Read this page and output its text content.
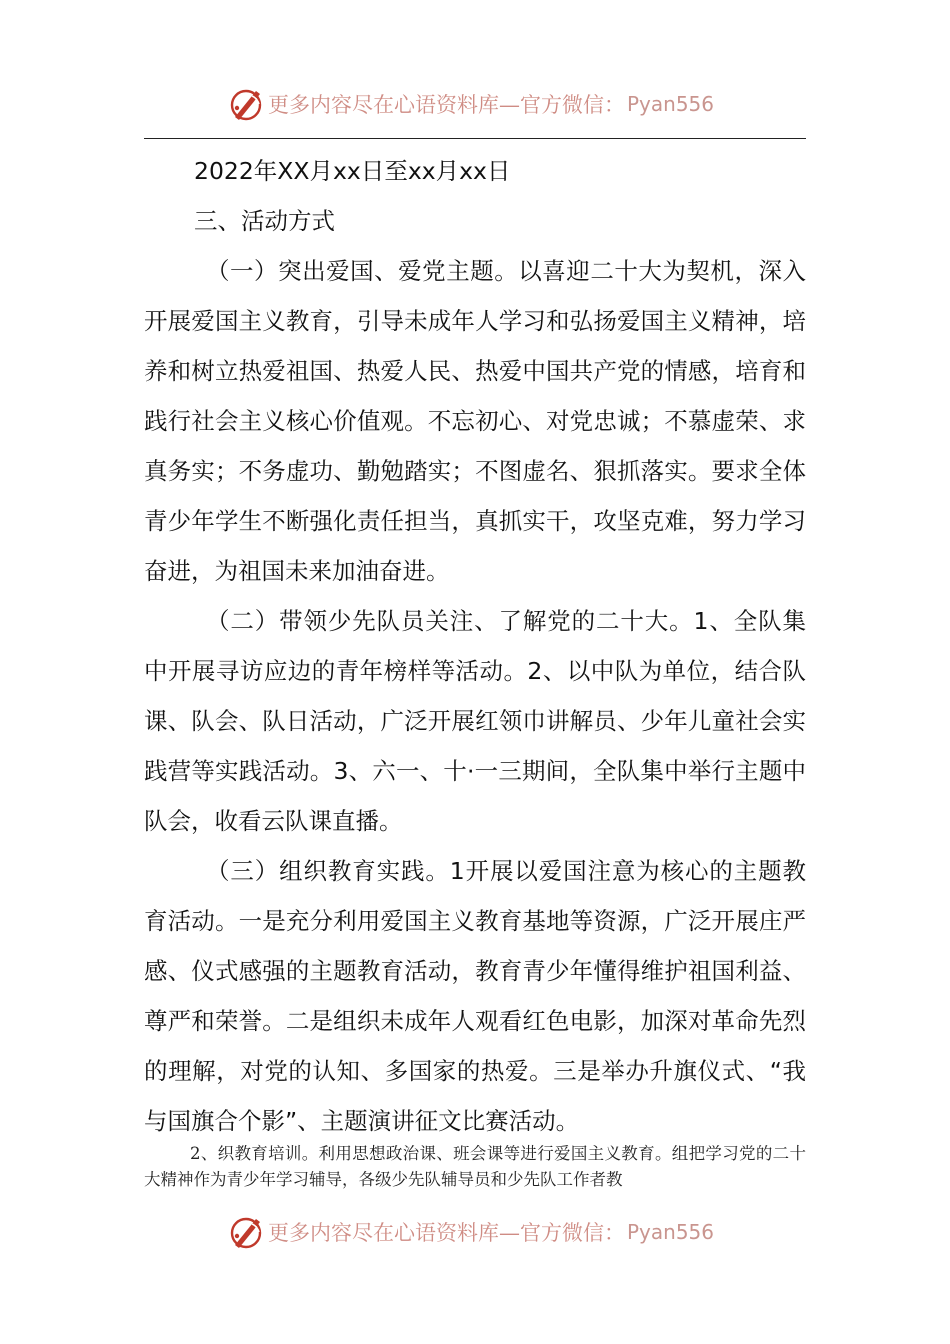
更多内容尽在心语资料库—官方微信： Pyan556

2022年XX月xx日至xx月xx日

三、活动方式

（一）突出爱国、爱党主题。以喜迎二十大为契机，深入开展爱国主义教育，引导未成年人学习和弘扬爱国主义精神，培养和树立热爱祖国、热爱人民、热爱中国共产党的情感，培育和践行社会主义核心价值观。不忘初心、对党忠诚；不慕虚荣、求真务实；不务虚功、勤勉踏实；不图虚名、狠抓落实。要求全体青少年学生不断强化责任担当，真抓实干，攻坚克难，努力学习奋进，为祖国未来加油奋进。

（二）带领少先队员关注、了解党的二十大。1、全队集中开展寻访应边的青年榜样等活动。2、以中队为单位，结合队课、队会、队日活动，广泛开展红领巾讲解员、少年儿童社会实践营等实践活动。3、六一、十·一三期间，全队集中举行主题中队会，收看云队课直播。

（三）组织教育实践。1开展以爱国注意为核心的主题教育活动。一是充分利用爱国主义教育基地等资源，广泛开展庄严感、仪式感强的主题教育活动，教育青少年懂得维护祖国利益、尊严和荣誉。二是组织未成年人观看红色电影，加深对革命先烈的理解，对党的认知、多国家的热爱。三是举办升旗仪式、“我与国旗合个影”、主题演讲征文比赛活动。

2、织教育培训。利用思想政治课、班会课等进行爱国主义教育。组把学习党的二十大精神作为青少年学习辅导，各级少先队辅导员和少先队工作者教
更多内容尽在心语资料库—官方微信： Pyan556
